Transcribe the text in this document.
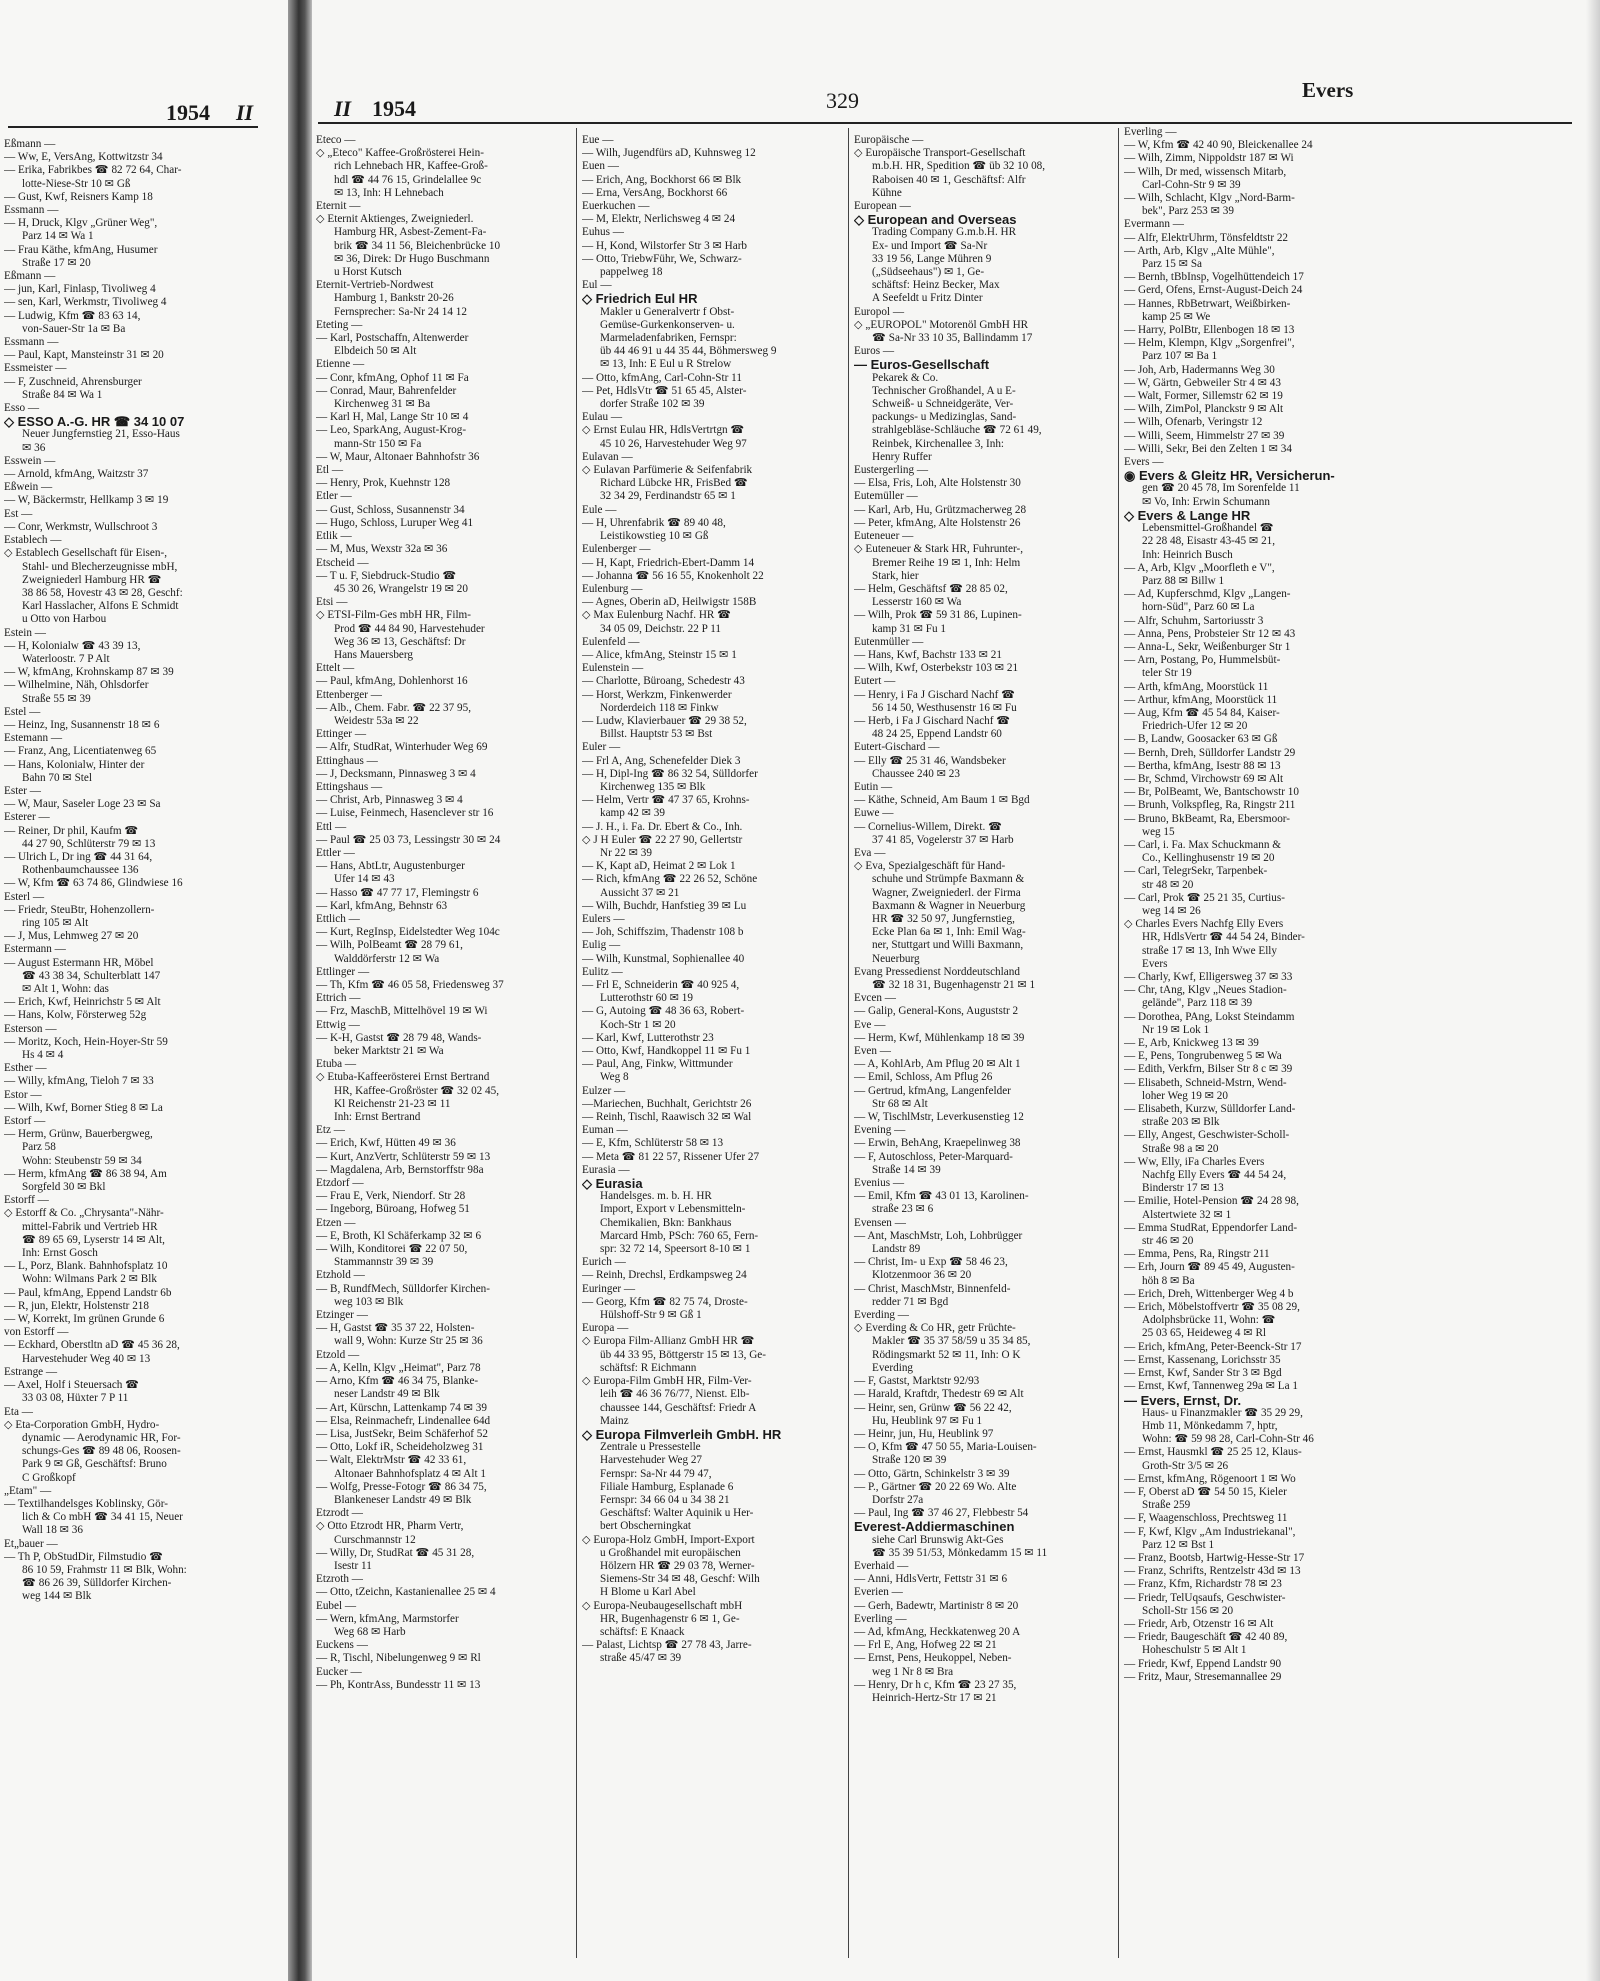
1954 II
Eßmann —
— Ww, E, VersAng, Kottwitzstr 34
— Erika, Fabrikbes ☎ 82 72 64, Char-
lotte-Niese-Str 10 ✉ Gß
— Gust, Kwf, Reisners Kamp 18
Essmann —
— H, Druck, Klgv „Grüner Weg",
Parz 14 ✉ Wa 1
— Frau Käthe, kfmAng, Husumer
Straße 17 ✉ 20
Eßmann —
— jun, Karl, Finlasp, Tivoliweg 4
— sen, Karl, Werkmstr, Tivoliweg 4
— Ludwig, Kfm ☎ 83 63 14,
von-Sauer-Str 1a ✉ Ba
Essmann —
— Paul, Kapt, Mansteinstr 31 ✉ 20
Essmeister —
— F, Zuschneid, Ahrensburger
Straße 84 ✉ Wa 1
Esso —
◇ ESSO A.-G. HR ☎ 34 10 07
Neuer Jungfernstieg 21, Esso-Haus
✉ 36
Esswein —
— Arnold, kfmAng, Waitzstr 37
Eßwein —
— W, Bäckermstr, Hellkamp 3 ✉ 19
Est —
— Conr, Werkmstr, Wullschroot 3
Establech —
◇ Establech Gesellschaft für Eisen-,
Stahl- und Blecherzeugnisse mbH,
Zweigniederl Hamburg HR ☎
38 86 58, Hovestr 43 ✉ 28, Geschf:
Karl Hasslacher, Alfons E Schmidt
u Otto von Harbou
Estein —
— H, Kolonialw ☎ 43 39 13,
Waterloostr. 7 P Alt
— W, kfmAng, Krohnskamp 87 ✉ 39
— Wilhelmine, Näh, Ohlsdorfer
Straße 55 ✉ 39
Estel —
— Heinz, Ing, Susannenstr 18 ✉ 6
Estemann —
— Franz, Ang, Licentiatenweg 65
— Hans, Kolonialw, Hinter der
Bahn 70 ✉ Stel
Ester —
— W, Maur, Saseler Loge 23 ✉ Sa
Esterer —
— Reiner, Dr phil, Kaufm ☎
44 27 90, Schlüterstr 79 ✉ 13
— Ulrich L, Dr ing ☎ 44 31 64,
Rothenbaumchaussee 136
— W, Kfm ☎ 63 74 86, Glindwiese 16
Esterl —
— Friedr, SteuBtr, Hohenzollern-
ring 105 ✉ Alt
— J, Mus, Lehmweg 27 ✉ 20
Estermann —
— August Estermann HR, Möbel
☎ 43 38 34, Schulterblatt 147
✉ Alt 1, Wohn: das
— Erich, Kwf, Heinrichstr 5 ✉ Alt
— Hans, Kolw, Försterweg 52g
Esterson —
— Moritz, Koch, Hein-Hoyer-Str 59
Hs 4 ✉ 4
Esther —
— Willy, kfmAng, Tieloh 7 ✉ 33
Estor —
— Wilh, Kwf, Borner Stieg 8 ✉ La
Estorf —
— Herm, Grünw, Bauerbergweg,
Parz 58
Wohn: Steubenstr 59 ✉ 34
— Herm, kfmAng ☎ 86 38 94, Am
Sorgfeld 30 ✉ Bkl
Estorff —
◇ Estorff & Co. „Chrysanta"-Nähr-
mittel-Fabrik und Vertrieb HR
☎ 89 65 69, Lyserstr 14 ✉ Alt,
Inh: Ernst Gosch
— L, Porz, Blank. Bahnhofsplatz 10
Wohn: Wilmans Park 2 ✉ Blk
— Paul, kfmAng, Eppend Landstr 6b
— R, jun, Elektr, Holstenstr 218
— W, Korrekt, Im grünen Grunde 6
von Estorff —
— Eckhard, Oberstltn aD ☎ 45 36 28,
Harvestehuder Weg 40 ✉ 13
Estrange —
— Axel, Holf i Steuersach ☎
33 03 08, Hüxter 7 P 11
Eta —
◇ Eta-Corporation GmbH, Hydro-
dynamic — Aerodynamic HR, For-
schungs-Ges ☎ 89 48 06, Roosen-
Park 9 ✉ Gß, Geschäftsf: Bruno
C Großkopf
„Etam" —
— Textilhandelsges Koblinsky, Gör-
lich & Co mbH ☎ 34 41 15, Neuer
Wall 18 ✉ 36
Et„bauer —
— Th P, ObStudDir, Filmstudio ☎
86 10 59, Frahmstr 11 ✉ Blk, Wohn:
☎ 86 26 39, Sülldorfer Kirchen-
weg 144 ✉ Blk
II 1954	329	Evers
Eteco —
◇ „Eteco" Kaffee-Großrösterei Hein-
rich Lehnebach HR, Kaffee-Groß-
hdl ☎ 44 76 15, Grindelallee 9c
✉ 13, Inh: H Lehnebach
Eternit —
◇ Eternit Aktienges, Zweigniederl.
Hamburg HR, Asbest-Zement-Fa-
brik ☎ 34 11 56, Bleichenbrücke 10
✉ 36, Direk: Dr Hugo Buschmann
u Horst Kutsch
Eternit-Vertrieb-Nordwest
Hamburg 1, Bankstr 20-26
Fernsprecher: Sa-Nr 24 14 12
Eteting —
— Karl, Postschaffn, Altenwerder
Elbdeich 50 ✉ Alt
Etienne —
— Conr, kfmAng, Ophof 11 ✉ Fa
— Conrad, Maur, Bahrenfelder
Kirchenweg 31 ✉ Ba
— Karl H, Mal, Lange Str 10 ✉ 4
— Leo, SparkAng, August-Krog-
mann-Str 150 ✉ Fa
— W, Maur, Altonaer Bahnhofstr 36
Etl —
— Henry, Prok, Kuehnstr 128
Etler —
— Gust, Schloss, Susannenstr 34
— Hugo, Schloss, Luruper Weg 41
Etlik —
— M, Mus, Wexstr 32a ✉ 36
Etscheid —
— T u. F, Siebdruck-Studio ☎
45 30 26, Wrangelstr 19 ✉ 20
Etsi —
◇ ETSI-Film-Ges mbH HR, Film-
Prod ☎ 44 84 90, Harvestehuder
Weg 36 ✉ 13, Geschäftsf: Dr
Hans Mauersberg
Ettelt —
— Paul, kfmAng, Dohlenhorst 16
Ettenberger —
— Alb., Chem. Fabr. ☎ 22 37 95,
Weidestr 53a ✉ 22
Ettinger —
— Alfr, StudRat, Winterhuder Weg 69
Ettinghaus —
— J, Decksmann, Pinnasweg 3 ✉ 4
Ettingshaus —
— Christ, Arb, Pinnasweg 3 ✉ 4
— Luise, Feinmech, Hasenclever str 16
Ettl —
— Paul ☎ 25 03 73, Lessingstr 30 ✉ 24
Ettler —
— Hans, AbtLtr, Augustenburger
Ufer 14 ✉ 43
— Hasso ☎ 47 77 17, Flemingstr 6
— Karl, kfmAng, Behnstr 63
Ettlich —
— Kurt, RegInsp, Eidelstedter Weg 104c
— Wilh, PolBeamt ☎ 28 79 61,
Walddörferstr 12 ✉ Wa
Ettlinger —
— Th, Kfm ☎ 46 05 58, Friedensweg 37
Ettrich —
— Frz, MaschB, Mittelhövel 19 ✉ Wi
Ettwig —
— K-H, Gastst ☎ 28 79 48, Wands-
beker Marktstr 21 ✉ Wa
Etuba —
◇ Etuba-Kaffeerösterei Ernst Bertrand
HR, Kaffee-Großröster ☎ 32 02 45,
Kl Reichenstr 21-23 ✉ 11
Inh: Ernst Bertrand
Etz —
— Erich, Kwf, Hütten 49 ✉ 36
— Kurt, AnzVertr, Schlüterstr 59 ✉ 13
— Magdalena, Arb, Bernstorffstr 98a
Etzdorf —
— Frau E, Verk, Niendorf. Str 28
— Ingeborg, Büroang, Hofweg 51
Etzen —
— E, Broth, Kl Schäferkamp 32 ✉ 6
— Wilh, Konditorei ☎ 22 07 50,
Stammannstr 39 ✉ 39
Etzhold —
— B, RundfMech, Sülldorfer Kirchen-
weg 103 ✉ Blk
Etzinger —
— H, Gastst ☎ 35 37 22, Holsten-
wall 9, Wohn: Kurze Str 25 ✉ 36
Etzold —
— A, Kelln, Klgv „Heimat", Parz 78
— Arno, Kfm ☎ 46 34 75, Blanke-
neser Landstr 49 ✉ Blk
— Art, Kürschn, Lattenkamp 74 ✉ 39
— Elsa, Reinmachefr, Lindenallee 64d
— Lisa, JustSekr, Beim Schäferhof 52
— Otto, Lokf iR, Scheideholzweg 31
— Walt, ElektrMstr ☎ 42 33 61,
Altonaer Bahnhofsplatz 4 ✉ Alt 1
— Wolfg, Presse-Fotogr ☎ 86 34 75,
Blankeneser Landstr 49 ✉ Blk
Etzrodt —
◇ Otto Etzrodt HR, Pharm Vertr,
Curschmannstr 12
— Willy, Dr, StudRat ☎ 45 31 28,
Isestr 11
Etzroth —
— Otto, tZeichn, Kastanienallee 25 ✉ 4
Eubel —
— Wern, kfmAng, Marmstorfer
Weg 68 ✉ Harb
Euckens —
— R, Tischl, Nibelungenweg 9 ✉ Rl
Eucker —
— Ph, KontrAss, Bundesstr 11 ✉ 13
Eue —
— Wilh, Jugendfürs aD, Kuhnsweg 12
Euen —
— Erich, Ang, Bockhorst 66 ✉ Blk
— Erna, VersAng, Bockhorst 66
Euerkuchen —
— M, Elektr, Nerlichsweg 4 ✉ 24
Euhus —
— H, Kond, Wilstorfer Str 3 ✉ Harb
— Otto, TriebwFühr, We, Schwarz-
pappelweg 18
Eul —
◇ Friedrich Eul HR
Makler u Generalvertr f Obst-
Gemüse-Gurkenkonserven- u.
Marmeladenfabriken, Fernspr:
üb 44 46 91 u 44 35 44, Böhmersweg 9
✉ 13, Inh: E Eul u R Strelow
— Otto, kfmAng, Carl-Cohn-Str 11
— Pet, HdlsVtr ☎ 51 65 45, Alster-
dorfer Straße 102 ✉ 39
Eulau —
◇ Ernst Eulau HR, HdlsVertrtgn ☎
45 10 26, Harvestehuder Weg 97
Eulavan —
◇ Eulavan Parfümerie & Seifenfabrik
Richard Lübcke HR, FrisBed ☎
32 34 29, Ferdinandstr 65 ✉ 1
Eule —
— H, Uhrenfabrik ☎ 89 40 48,
Leistikowstieg 10 ✉ Gß
Eulenberger —
— H, Kapt, Friedrich-Ebert-Damm 14
— Johanna ☎ 56 16 55, Knokenholt 22
Eulenburg —
— Agnes, Oberin aD, Heilwigstr 158B
◇ Max Eulenburg Nachf. HR ☎
34 05 09, Deichstr. 22 P 11
Eulenfeld —
— Alice, kfmAng, Steinstr 15 ✉ 1
Eulenstein —
— Charlotte, Büroang, Schedestr 43
— Horst, Werkzm, Finkenwerder
Norderdeich 118 ✉ Finkw
— Ludw, Klavierbauer ☎ 29 38 52,
Billst. Hauptstr 53 ✉ Bst
Euler —
— Frl A, Ang, Schenefelder Diek 3
— H, Dipl-Ing ☎ 86 32 54, Sülldorfer
Kirchenweg 135 ✉ Blk
— Helm, Vertr ☎ 47 37 65, Krohns-
kamp 42 ✉ 39
— J. H., i. Fa. Dr. Ebert & Co., Inh.
◇ J H Euler ☎ 22 27 90, Gellertstr
Nr 22 ✉ 39
— K, Kapt aD, Heimat 2 ✉ Lok 1
— Rich, kfmAng ☎ 22 26 52, Schöne
Aussicht 37 ✉ 21
— Wilh, Buchdr, Hanfstieg 39 ✉ Lu
Eulers —
— Joh, Schiffszim, Thadenstr 108 b
Eulig —
— Wilh, Kunstmal, Sophienallee 40
Eulitz —
— Frl E, Schneiderin ☎ 40 925 4,
Lutterothstr 60 ✉ 19
— G, Autoing ☎ 48 36 63, Robert-
Koch-Str 1 ✉ 20
— Karl, Kwf, Lutterothstr 23
— Otto, Kwf, Handkoppel 11 ✉ Fu 1
— Paul, Ang, Finkw, Wittmunder
Weg 8
Eulzer —
—Mariechen, Buchhalt, Gerichtstr 26
— Reinh, Tischl, Raawisch 32 ✉ Wal
Euman —
— E, Kfm, Schlüterstr 58 ✉ 13
— Meta ☎ 81 22 57, Rissener Ufer 27
Eurasia —
◇ Eurasia
Handelsges. m. b. H. HR
Import, Export v Lebensmitteln-
Chemikalien, Bkn: Bankhaus
Marcard Hmb, PSch: 760 65, Fern-
spr: 32 72 14, Speersort 8-10 ✉ 1
Eurich —
— Reinh, Drechsl, Erdkampsweg 24
Euringer —
— Georg, Kfm ☎ 82 75 74, Droste-
Hülshoff-Str 9 ✉ Gß 1
Europa —
◇ Europa Film-Allianz GmbH HR ☎
üb 44 33 95, Böttgerstr 15 ✉ 13, Ge-
schäftsf: R Eichmann
◇ Europa-Film GmbH HR, Film-Ver-
leih ☎ 46 36 76/77, Nienst. Elb-
chaussee 144, Geschäftsf: Friedr A
Mainz
◇ Europa Filmverleih GmbH. HR
Zentrale u Pressestelle
Harvestehuder Weg 27
Fernspr: Sa-Nr 44 79 47,
Filiale Hamburg, Esplanade 6
Fernspr: 34 66 04 u 34 38 21
Geschäftsf: Walter Aquinik u Her-
bert Obscherningkat
◇ Europa-Holz GmbH, Import-Export
u Großhandel mit europäischen
Hölzern HR ☎ 29 03 78, Werner-
Siemens-Str 34 ✉ 48, Geschf: Wilh
H Blome u Karl Abel
◇ Europa-Neubaugesellschaft mbH
HR, Bugenhagenstr 6 ✉ 1, Ge-
schäftsf: E Knaack
— Palast, Lichtsp ☎ 27 78 43, Jarre-
straße 45/47 ✉ 39
Europäische —
◇ Europäische Transport-Gesellschaft
m.b.H. HR, Spedition ☎ üb 32 10 08,
Raboisen 40 ✉ 1, Geschäftsf: Alfr
Kühne
European —
◇ European and Overseas
Trading Company G.m.b.H. HR
Ex- und Import ☎ Sa-Nr
33 19 56, Lange Mühren 9
(„Südseehaus") ✉ 1, Ge-
schäftsf: Heinz Becker, Max
A Seefeldt u Fritz Dinter
Europol —
◇ „EUROPOL" Motorenöl GmbH HR
☎ Sa-Nr 33 10 35, Ballindamm 17
Euros —
— Euros-Gesellschaft
Pekarek & Co.
Technischer Großhandel, A u E-
Schweiß- u Schneidgeräte, Ver-
packungs- u Medizinglas, Sand-
strahlgebläse-Schläuche ☎ 72 61 49,
Reinbek, Kirchenallee 3, Inh:
Henry Ruffer
Eustergerling —
— Elsa, Fris, Loh, Alte Holstenstr 30
Eutemüller —
— Karl, Arb, Hu, Grützmacherweg 28
— Peter, kfmAng, Alte Holstenstr 26
Euteneuer —
◇ Euteneuer & Stark HR, Fuhrunter-,
Bremer Reihe 19 ✉ 1, Inh: Helm
Stark, hier
— Helm, Geschäftsf ☎ 28 85 02,
Lesserstr 160 ✉ Wa
— Wilh, Prok ☎ 59 31 86, Lupinen-
kamp 31 ✉ Fu 1
Eutenmüller —
— Hans, Kwf, Bachstr 133 ✉ 21
— Wilh, Kwf, Osterbekstr 103 ✉ 21
Eutert —
— Henry, i Fa J Gischard Nachf ☎
56 14 50, Westhusenstr 16 ✉ Fu
— Herb, i Fa J Gischard Nachf ☎
48 24 25, Eppend Landstr 60
Eutert-Gischard —
— Elly ☎ 25 31 46, Wandsbeker
Chaussee 240 ✉ 23
Eutin —
— Käthe, Schneid, Am Baum 1 ✉ Bgd
Euwe —
— Cornelius-Willem, Direkt. ☎
37 41 85, Vogelerstr 37 ✉ Harb
Eva —
◇ Eva, Spezialgeschäft für Hand-
schuhe und Strümpfe Baxmann &
Wagner, Zweigniederl. der Firma
Baxmann & Wagner in Neuerburg
HR ☎ 32 50 97, Jungfernstieg,
Ecke Plan 6a ✉ 1, Inh: Emil Wag-
ner, Stuttgart und Willi Baxmann,
Neuerburg
Evang Pressedienst Norddeutschland
☎ 32 18 31, Bugenhagenstr 21 ✉ 1
Evcen —
— Galip, General-Kons, Auguststr 2
Eve —
— Herm, Kwf, Mühlenkamp 18 ✉ 39
Even —
— A, KohlArb, Am Pflug 20 ✉ Alt 1
— Emil, Schloss, Am Pflug 26
— Gertrud, kfmAng, Langenfelder
Str 68 ✉ Alt
— W, TischlMstr, Leverkusenstieg 12
Evening —
— Erwin, BehAng, Kraepelinweg 38
— F, Autoschloss, Peter-Marquard-
Straße 14 ✉ 39
Evenius —
— Emil, Kfm ☎ 43 01 13, Karolinen-
straße 23 ✉ 6
Evensen —
— Ant, MaschMstr, Loh, Lohbrügger
Landstr 89
— Christ, Im- u Exp ☎ 58 46 23,
Klotzenmoor 36 ✉ 20
— Christ, MaschMstr, Binnenfeld-
redder 71 ✉ Bgd
Everding —
◇ Everding & Co HR, getr Früchte-
Makler ☎ 35 37 58/59 u 35 34 85,
Rödingsmarkt 52 ✉ 11, Inh: O K
Everding
— F, Gastst, Marktstr 92/93
— Harald, Kraftdr, Thedestr 69 ✉ Alt
— Heinr, sen, Grünw ☎ 56 22 42,
Hu, Heublink 97 ✉ Fu 1
— Heinr, jun, Hu, Heublink 97
— O, Kfm ☎ 47 50 55, Maria-Louisen-
Straße 120 ✉ 39
— Otto, Gärtn, Schinkelstr 3 ✉ 39
— P., Gärtner ☎ 20 22 69 Wo. Alte
Dorfstr 27a
— Paul, Ing ☎ 37 46 27, Flebbestr 54
Everest-Addiermaschinen
siehe Carl Brunswig Akt-Ges
☎ 35 39 51/53, Mönkedamm 15 ✉ 11
Everhaid —
— Anni, HdlsVertr, Fettstr 31 ✉ 6
Everien —
— Gerh, Badewtr, Martinistr 8 ✉ 20
Everling —
— Ad, kfmAng, Heckkatenweg 20 A
— Frl E, Ang, Hofweg 22 ✉ 21
— Ernst, Pens, Heukoppel, Neben-
weg 1 Nr 8 ✉ Bra
— Henry, Dr h c, Kfm ☎ 23 27 35,
Heinrich-Hertz-Str 17 ✉ 21
Everling —
— W, Kfm ☎ 42 40 90, Bleickenallee 24
— Wilh, Zimm, Nippoldstr 187 ✉ Wi
— Wilh, Dr med, wissensch Mitarb,
Carl-Cohn-Str 9 ✉ 39
— Wilh, Schlacht, Klgv „Nord-Barm-
bek", Parz 253 ✉ 39
Evermann —
— Alfr, ElektrUhrm, Tönsfeldtstr 22
— Arth, Arb, Klgv „Alte Mühle",
Parz 15 ✉ Sa
— Bernh, tBbInsp, Vogelhüttendeich 17
— Gerd, Ofens, Ernst-August-Deich 24
— Hannes, RbBetrwart, Weißbirken-
kamp 25 ✉ We
— Harry, PolBtr, Ellenbogen 18 ✉ 13
— Helm, Klempn, Klgv „Sorgenfrei",
Parz 107 ✉ Ba 1
— Joh, Arb, Hadermanns Weg 30
— W, Gärtn, Gebweiler Str 4 ✉ 43
— Walt, Former, Sillemstr 62 ✉ 19
— Wilh, ZimPol, Planckstr 9 ✉ Alt
— Wilh, Ofenarb, Veringstr 12
— Willi, Seem, Himmelstr 27 ✉ 39
— Willi, Sekr, Bei den Zelten 1 ✉ 34
Evers —
◉ Evers & Gleitz HR, Versicherun-
gen ☎ 20 45 78, Im Sorenfelde 11
✉ Vo, Inh: Erwin Schumann
◇ Evers & Lange HR
Lebensmittel-Großhandel ☎
22 28 48, Eisastr 43-45 ✉ 21,
Inh: Heinrich Busch
— A, Arb, Klgv „Moorfleth e V",
Parz 88 ✉ Billw 1
— Ad, Kupferschmd, Klgv „Langen-
horn-Süd", Parz 60 ✉ La
— Alfr, Schuhm, Sartoriusstr 3
— Anna, Pens, Probsteier Str 12 ✉ 43
— Anna-L, Sekr, Weißenburger Str 1
— Arn, Postang, Po, Hummelsbüt-
teler Str 19
— Arth, kfmAng, Moorstück 11
— Arthur, kfmAng, Moorstück 11
— Aug, Kfm ☎ 45 54 84, Kaiser-
Friedrich-Ufer 12 ✉ 20
— B, Landw, Goosacker 63 ✉ Gß
— Bernh, Dreh, Sülldorfer Landstr 29
— Bertha, kfmAng, Isestr 88 ✉ 13
— Br, Schmd, Virchowstr 69 ✉ Alt
— Br, PolBeamt, We, Bantschowstr 10
— Brunh, Volkspfleg, Ra, Ringstr 211
— Bruno, BkBeamt, Ra, Ebersmoor-
weg 15
— Carl, i. Fa. Max Schuckmann &
Co., Kellinghusenstr 19 ✉ 20
— Carl, TelegrSekr, Tarpenbek-
str 48 ✉ 20
— Carl, Prok ☎ 25 21 35, Curtius-
weg 14 ✉ 26
◇ Charles Evers Nachfg Elly Evers
HR, HdlsVertr ☎ 44 54 24, Binder-
straße 17 ✉ 13, Inh Wwe Elly
Evers
— Charly, Kwf, Elligersweg 37 ✉ 33
— Chr, tAng, Klgv „Neues Stadion-
gelände", Parz 118 ✉ 39
— Dorothea, PAng, Lokst Steindamm
Nr 19 ✉ Lok 1
— E, Arb, Knickweg 13 ✉ 39
— E, Pens, Tongrubenweg 5 ✉ Wa
— Edith, Verkfrn, Bilser Str 8 c ✉ 39
— Elisabeth, Schneid-Mstrn, Wend-
loher Weg 19 ✉ 20
— Elisabeth, Kurzw, Sülldorfer Land-
straße 203 ✉ Blk
— Elly, Angest, Geschwister-Scholl-
Straße 98 a ✉ 20
— Ww, Elly, iFa Charles Evers
Nachfg Elly Evers ☎ 44 54 24,
Binderstr 17 ✉ 13
— Emilie, Hotel-Pension ☎ 24 28 98,
Alstertwiete 32 ✉ 1
— Emma StudRat, Eppendorfer Land-
str 46 ✉ 20
— Emma, Pens, Ra, Ringstr 211
— Erh, Journ ☎ 89 45 49, Augusten-
höh 8 ✉ Ba
— Erich, Dreh, Wittenberger Weg 4 b
— Erich, Möbelstoffvertr ☎ 35 08 29,
Adolphsbrücke 11, Wohn: ☎
25 03 65, Heideweg 4 ✉ Rl
— Erich, kfmAng, Peter-Beenck-Str 17
— Ernst, Kassenang, Lorichsstr 35
— Ernst, Kwf, Sander Str 3 ✉ Bgd
— Ernst, Kwf, Tannenweg 29a ✉ La 1
— Evers, Ernst, Dr.
Haus- u Finanzmakler ☎ 35 29 29,
Hmb 11, Mönkedamm 7, hptr,
Wohn: ☎ 59 98 28, Carl-Cohn-Str 46
— Ernst, Hausmkl ☎ 25 25 12, Klaus-
Groth-Str 3/5 ✉ 26
— Ernst, kfmAng, Rögenoort 1 ✉ Wo
— F, Oberst aD ☎ 54 50 15, Kieler
Straße 259
— F, Waagenschloss, Prechtsweg 11
— F, Kwf, Klgv „Am Industriekanal",
Parz 12 ✉ Bst 1
— Franz, Bootsb, Hartwig-Hesse-Str 17
— Franz, Schrifts, Rentzelstr 43d ✉ 13
— Franz, Kfm, Richardstr 78 ✉ 23
— Friedr, TelUqsaufs, Geschwister-
Scholl-Str 156 ✉ 20
— Friedr, Arb, Otzenstr 16 ✉ Alt
— Friedr, Baugeschäft ☎ 42 40 89,
Hoheschulstr 5 ✉ Alt 1
— Friedr, Kwf, Eppend Landstr 90
— Fritz, Maur, Stresemannallee 29
